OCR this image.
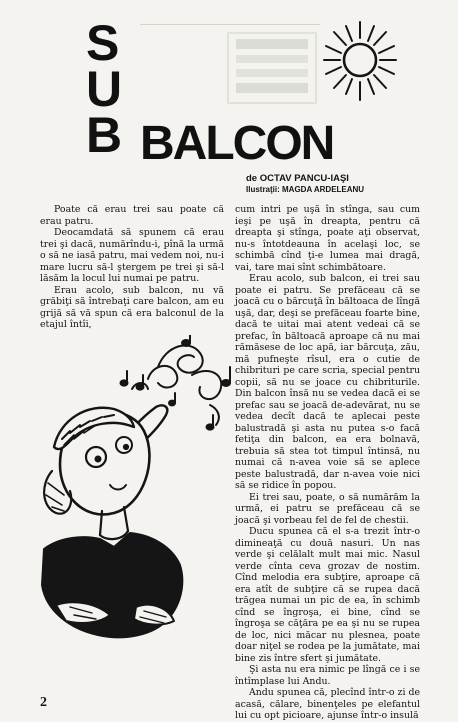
S
U
B BALCON
de OCTAV PANCU-IAŞI
Ilustraţii: MAGDA ARDELEANU

Poate că erau trei sau poate că erau patru.

Deocamdată să spunem că erau trei şi dacă, numărîndu-i, pînă la urmă o să ne iasă patru, mai vedem noi, nu-i mare lucru să-l ştergem pe trei şi să-l lăsăm la locul lui numai pe patru.

Erau acolo, sub balcon, nu vă grăbiţi să întrebaţi care balcon, am eu grijă să vă spun că era balconul de la etajul întîi,

cum intri pe uşă în stînga, sau cum ieşi pe uşă în dreapta, pentru că dreapta şi stînga, poate aţi observat, nu-s întotdeauna în acelaşi loc, se schimbă cînd ţi-e lumea mai dragă, vai, tare mai sînt schimbătoare.

Erau acolo, sub balcon, ei trei sau poate ei patru. Se prefăceau că se joacă cu o bărcuţă în băltoaca de lîngă uşă, dar, deşi se prefăceau foarte bine, dacă te uitai mai atent vedeai că se prefac, în băltoacă aproape că nu mai rămăsese de loc apă, iar bărcuţa, zău, mă pufneşte rîsul, era o cutie de chibrituri pe care scria, special pentru copii, să nu se joace cu chibriturile. Din balcon însă nu se vedea dacă ei se prefac sau se joacă de-adevărat, nu se vedea decît dacă te aplecai peste balustradă şi asta nu putea s-o facă fetiţa din balcon, ea era bolnavă, trebuia să stea tot timpul întinsă, nu numai că n-avea voie să se aplece peste balustradă, dar n-avea voie nici să se ridice în popou.

Ei trei sau, poate, o să numărăm la urmă, ei patru se prefăceau că se joacă şi vorbeau fel de fel de chestii.

Ducu spunea că el s-a trezit într-o dimineaţă cu două nasuri. Un nas verde şi celălalt mult mai mic. Nasul verde cînta ceva grozav de nostim. Cînd melodia era subţire, aproape că era atît de subţire că se rupea dacă trăgea numai un pic de ea, în schimb cînd se îngroşa, ei bine, cînd se îngroşa se căţăra pe ea şi nu se rupea de loc, nici măcar nu plesnea, poate doar niţel se rodea pe la jumătate, mai bine zis între sfert şi jumătate.

Şi asta nu era nimic pe lîngă ce i se întîmplase lui Andu.

Andu spunea că, plecînd într-o zi de acasă, călare, binenţeles pe elefantul lui cu opt picioare, ajunse într-o insulă

2
